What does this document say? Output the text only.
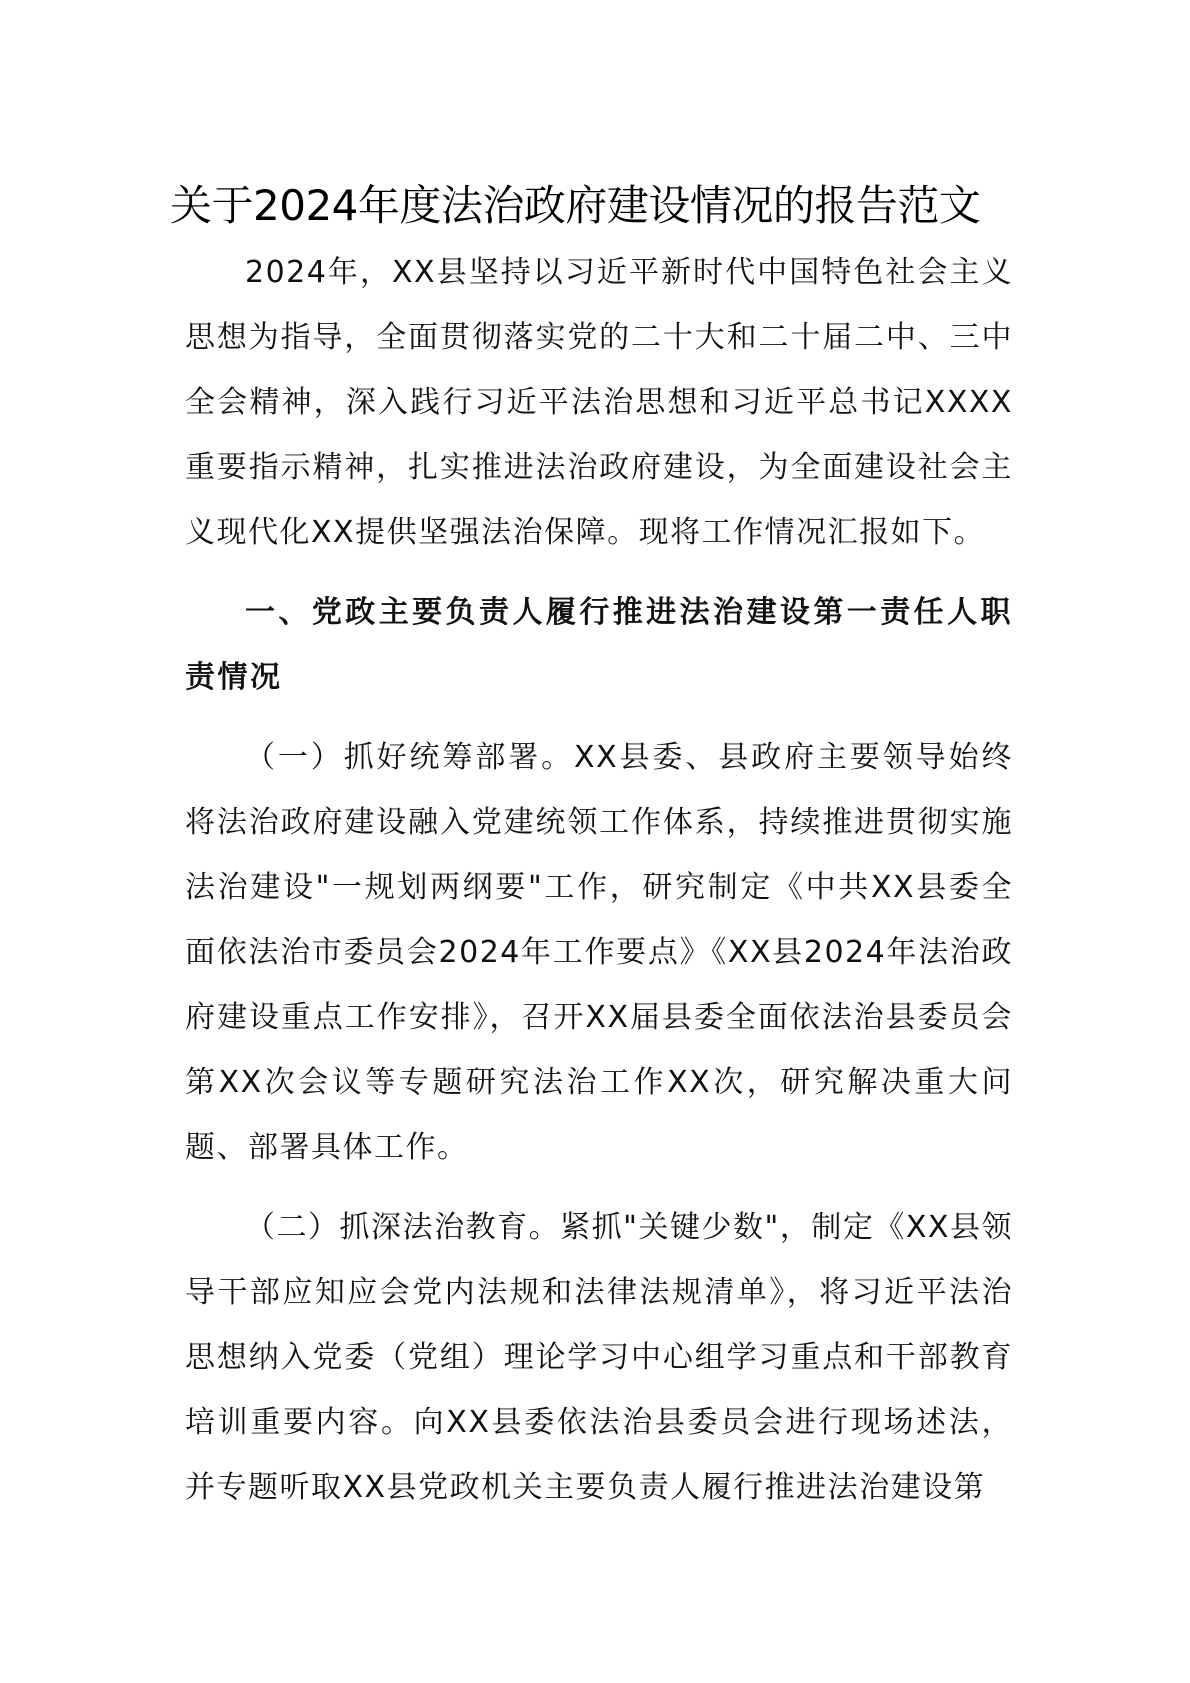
关于2024年度法治政府建设情况的报告范文

2024年，XX县坚持以习近平新时代中国特色社会主义思想为指导，全面贯彻落实党的二十大和二十届二中、三中全会精神，深入践行习近平法治思想和习近平总书记XXXX重要指示精神，扎实推进法治政府建设，为全面建设社会主义现代化XX提供坚强法治保障。现将工作情况汇报如下。

一、党政主要负责人履行推进法治建设第一责任人职责情况

（一）抓好统筹部署。XX县委、县政府主要领导始终将法治政府建设融入党建统领工作体系，持续推进贯彻实施法治建设"一规划两纲要"工作，研究制定《中共XX县委全面依法治市委员会2024年工作要点》《XX县2024年法治政府建设重点工作安排》，召开XX届县委全面依法治县委员会第XX次会议等专题研究法治工作XX次，研究解决重大问题、部署具体工作。

（二）抓深法治教育。紧抓"关键少数"，制定《XX县领导干部应知应会党内法规和法律法规清单》，将习近平法治思想纳入党委（党组）理论学习中心组学习重点和干部教育培训重要内容。向XX县委依法治县委员会进行现场述法，并专题听取XX县党政机关主要负责人履行推进法治建设第
